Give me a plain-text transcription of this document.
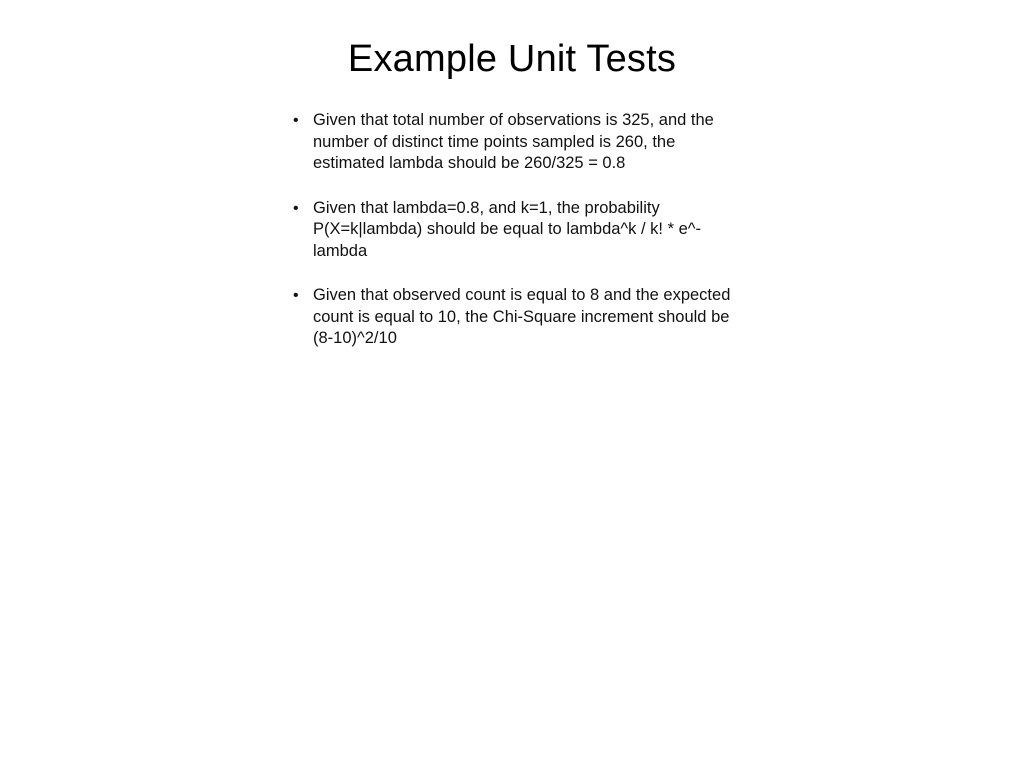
Example Unit Tests
• Given that total number of observations is 325, and the number of distinct time points sampled is 260, the estimated lambda should be 260/325 = 0.8
• Given that lambda=0.8, and k=1, the probability P(X=k|lambda) should be equal to lambda^k / k! * e^-lambda
• Given that observed count is equal to 8 and the expected count is equal to 10, the Chi-Square increment should be (8-10)^2/10
